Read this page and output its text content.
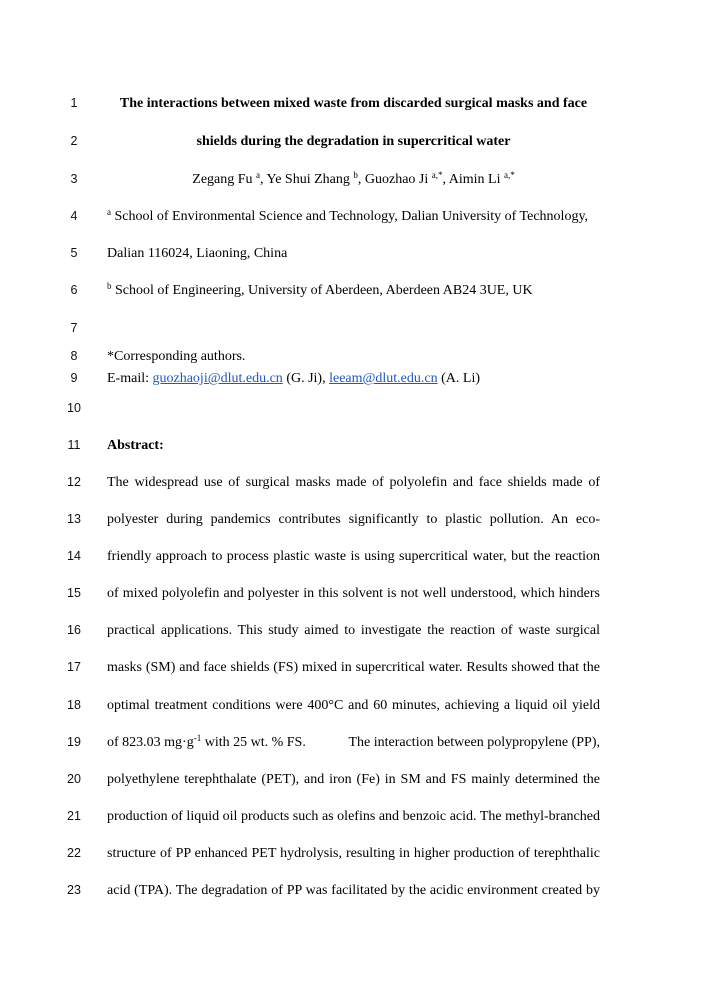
1
2
3
4
5
6
7
8
9
10
11
12
13
14
15
16
17
18
19
20
21
22
23
The interactions between mixed waste from discarded surgical masks and face
shields during the degradation in supercritical water
Zegang Fu $^a$, Ye Shui Zhang $^b$, Guozhao Ji $^{a,*}$, Aimin Li $^{a,*}$
$^a$ School of Environmental Science and Technology, Dalian University of Technology,
Dalian 116024, Liaoning, China
$^b$ School of Engineering, University of Aberdeen, Aberdeen AB24 3UE, UK
*Corresponding authors.
E-mail: guozhaoji@dlut.edu.cn (G. Ji), leeam@dlut.edu.cn (A. Li)
Abstract:
The widespread use of surgical masks made of polyolefin and face shields made of
polyester during pandemics contributes significantly to plastic pollution. An eco-
friendly approach to process plastic waste is using supercritical water, but the reaction
of mixed polyolefin and polyester in this solvent is not well understood, which hinders
practical applications. This study aimed to investigate the reaction of waste surgical
masks (SM) and face shields (FS) mixed in supercritical water. Results showed that the
optimal treatment conditions were 400°C and 60 minutes, achieving a liquid oil yield
of 823.03 $mg\cdot g^{-1}$ with 25 wt. % FS.	The interaction between polypropylene (PP),
polyethylene terephthalate (PET), and iron (Fe) in SM and FS mainly determined the
production of liquid oil products such as olefins and benzoic acid. The methyl-branched
structure of PP enhanced PET hydrolysis, resulting in higher production of terephthalic
acid (TPA). The degradation of PP was facilitated by the acidic environment created by
